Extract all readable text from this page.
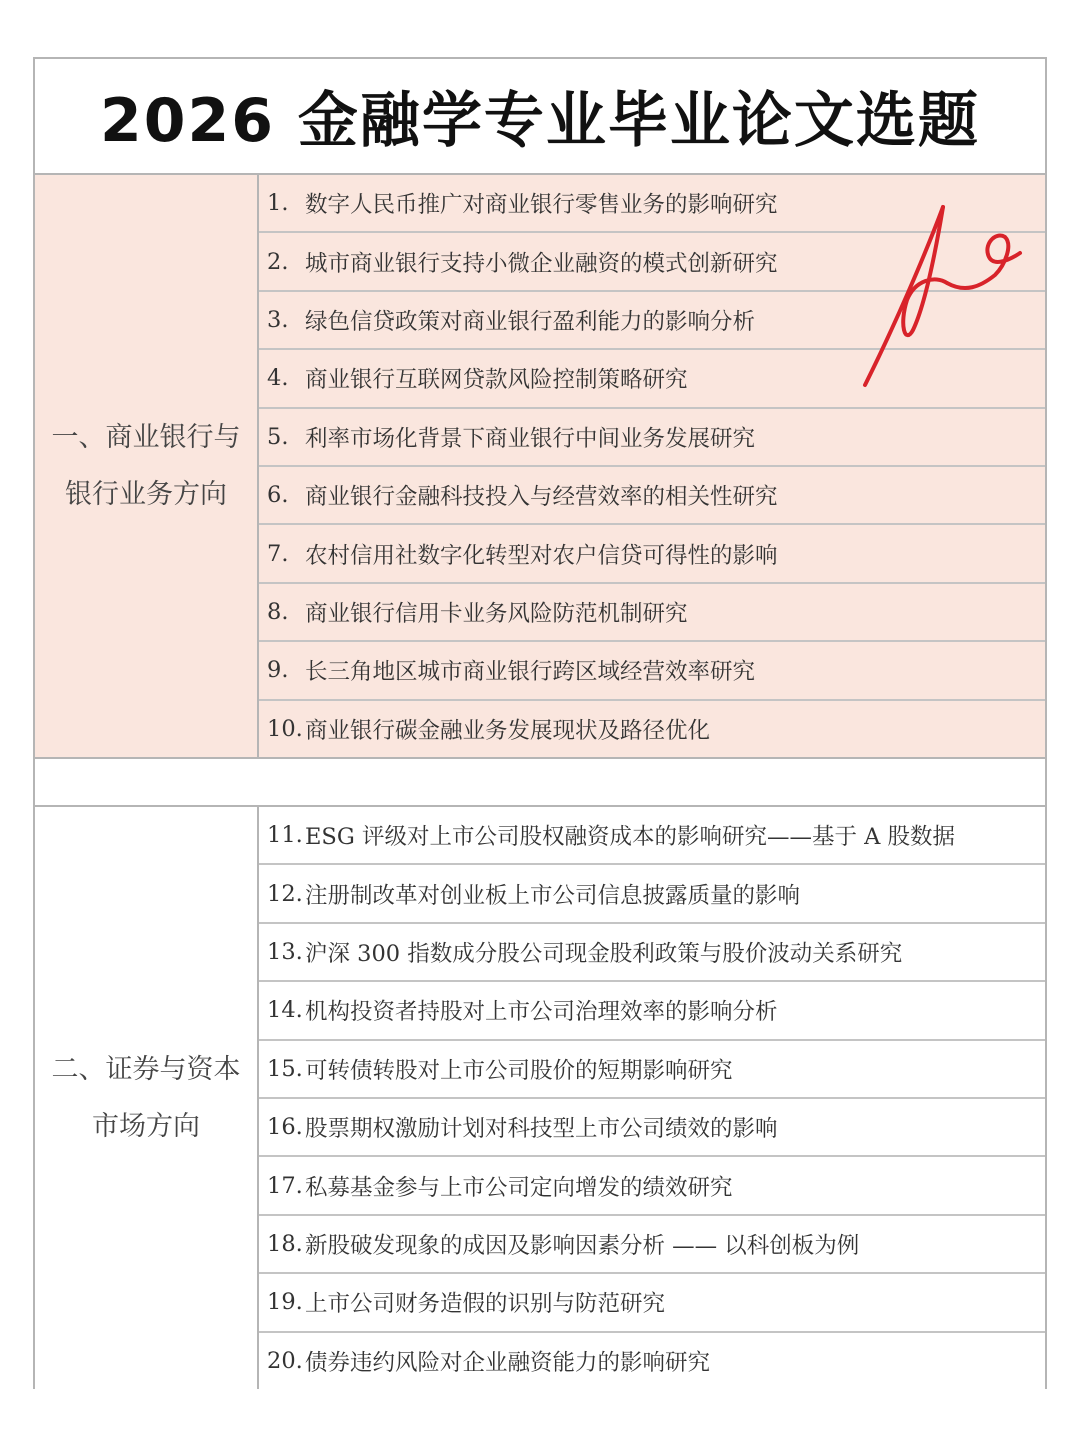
2026 金融学专业毕业论文选题
一、商业银行与
银行业务方向
1. 数字人民币推广对商业银行零售业务的影响研究
2. 城市商业银行支持小微企业融资的模式创新研究
3. 绿色信贷政策对商业银行盈利能力的影响分析
4. 商业银行互联网贷款风险控制策略研究
5. 利率市场化背景下商业银行中间业务发展研究
6. 商业银行金融科技投入与经营效率的相关性研究
7. 农村信用社数字化转型对农户信贷可得性的影响
8. 商业银行信用卡业务风险防范机制研究
9. 长三角地区城市商业银行跨区域经营效率研究
10. 商业银行碳金融业务发展现状及路径优化
二、证券与资本
市场方向
11. ESG 评级对上市公司股权融资成本的影响研究——基于 A 股数据
12. 注册制改革对创业板上市公司信息披露质量的影响
13. 沪深 300 指数成分股公司现金股利政策与股价波动关系研究
14. 机构投资者持股对上市公司治理效率的影响分析
15. 可转债转股对上市公司股价的短期影响研究
16. 股票期权激励计划对科技型上市公司绩效的影响
17. 私募基金参与上市公司定向增发的绩效研究
18. 新股破发现象的成因及影响因素分析 —— 以科创板为例
19. 上市公司财务造假的识别与防范研究
20. 债券违约风险对企业融资能力的影响研究
